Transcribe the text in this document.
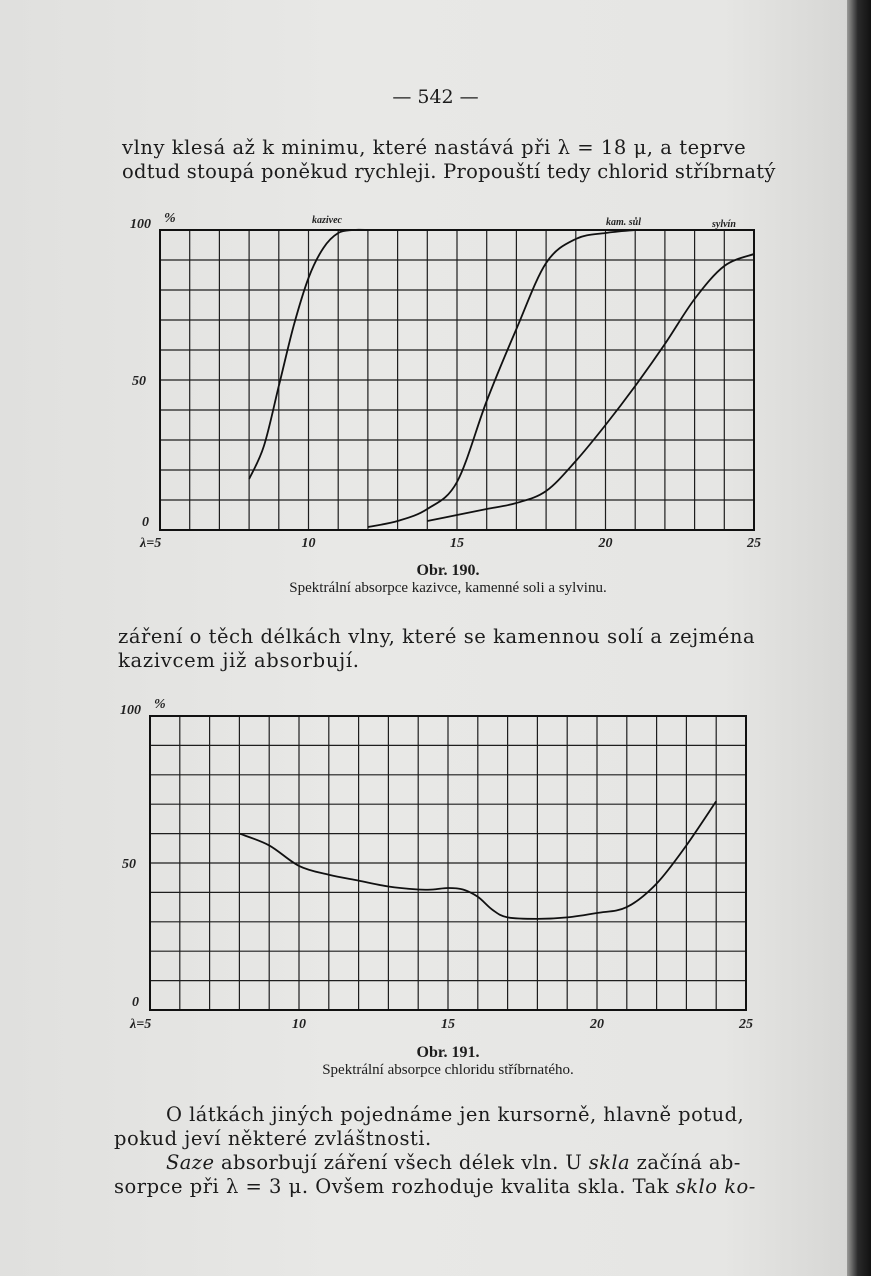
— 542 —

vlny klesá až k minimu, které nastává při λ = 18 μ, a teprve
odtud stoupá poněkud rychleji. Propouští tedy chlorid stříbrnatý

100
50
0
%
λ=5	10	15	20	25
kazivec	kam. sůl	sylvín
Obr. 190.
Spektrální absorpce kazivce, kamenné soli a sylvinu.

záření o těch délkách vlny, které se kamennou solí a zejména
kazivcem již absorbují.

100
50
0
%
λ=5	10	15	20	25
Obr. 191.
Spektrální absorpce chloridu stříbrnatého.

O látkách jiných pojednáme jen kursorně, hlavně potud,
pokud jeví některé zvláštnosti.
Saze absorbují záření všech délek vln. U skla začíná ab-
sorpce při λ = 3 μ. Ovšem rozhoduje kvalita skla. Tak sklo ko-
